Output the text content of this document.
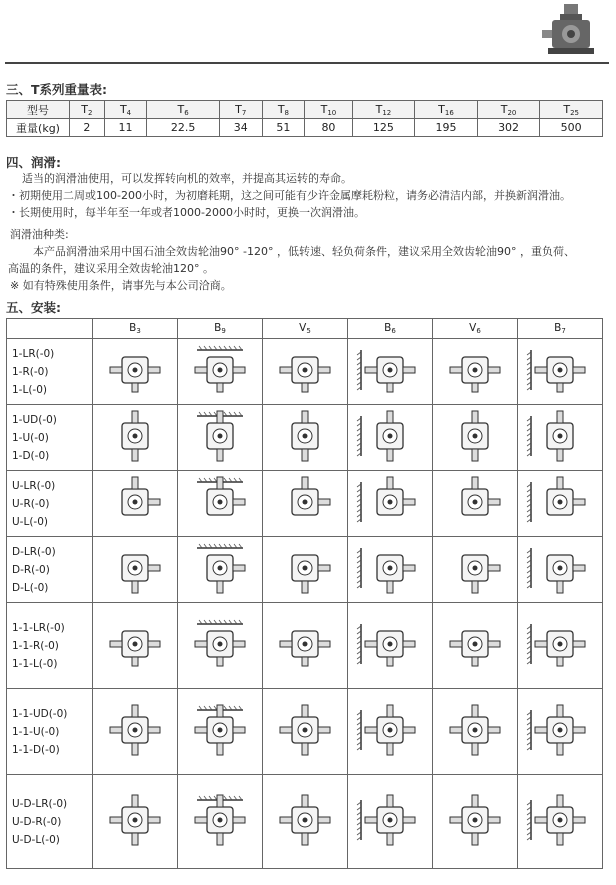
三、T系列重量表:
型号	$T_2$	$T_4$	$T_6$	$T_7$	$T_8$	$T_{10}$	$T_{12}$	$T_{16}$	$T_{20}$	$T_{25}$
重量(kg)	2	11	22.5	34	51	80	125	195	302	500
四、润滑:
适当的润滑油使用，可以发挥转向机的效率，并提高其运转的寿命。
・初期使用二周或100-200小时，为初磨耗期，这之间可能有少许金属摩耗粉粒，请务必清洁内部，并换新润滑油。
・长期使用时，每半年至一年或者1000-2000小时时，更换一次润滑油。
润滑油种类:
本产品润滑油采用中国石油全效齿轮油90° -120° ，低转速、轻负荷条件，建议采用全效齿轮油90° ，重负荷、
高温的条件，建议采用全效齿轮油120° 。
※ 如有特殊使用条件，请事先与本公司洽商。
五、安装:
	$B_3$	$B_9$	$V_5$	$B_6$	$V_6$	$B_7$

1-LR(-0)
1-R(-0)
1-L(-0)

1-UD(-0)
1-U(-0)
1-D(-0)

U-LR(-0)
U-R(-0)
U-L(-0)

D-LR(-0)
D-R(-0)
D-L(-0)

1-1-LR(-0)
1-1-R(-0)
1-1-L(-0)

1-1-UD(-0)
1-1-U(-0)
1-1-D(-0)

U-D-LR(-0)
U-D-R(-0)
U-D-L(-0)
